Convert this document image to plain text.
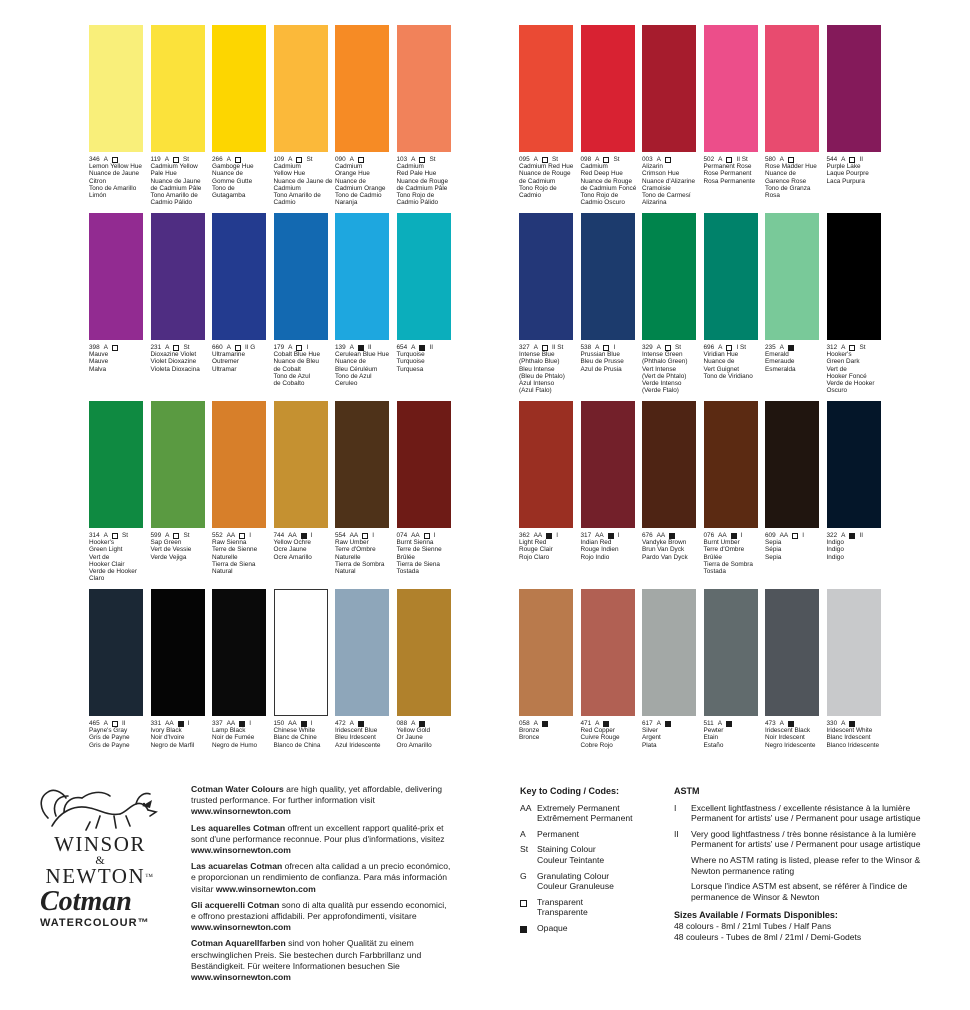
346 A
Lemon Yellow Hue
Nuance de Jaune
Citron
Tono de Amarillo
Limón
119 A St
Cadmium Yellow
Pale Hue
Nuance de Jaune
de Cadmium Pâle
Tono Amarillo de
Cadmio Pálido
266 A
Gamboge Hue
Nuance de
Gomme Gutte
Tono de
Gutagamba
109 A St
Cadmium
Yellow Hue
Nuance de Jaune de
Cadmium
Tono Amarillo de
Cadmio
090 A
Cadmium
Orange Hue
Nuance de
Cadmium Orange
Tono de Cadmio
Naranja
103 A St
Cadmium
Red Pale Hue
Nuance de Rouge
de Cadmium Pâle
Tono Rojo de
Cadmio Pálido
398 A
Mauve
Mauve
Malva
231 A St
Dioxazine Violet
Violet Dioxazine
Violeta Dioxacina
660 A II G
Ultramarine
Outremer
Ultramar
179 A I
Cobalt Blue Hue
Nuance de Bleu
de Cobalt
Tono de Azul
de Cobalto
139 A II
Cerulean Blue Hue
Nuance de
Bleu Céruléum
Tono de Azul
Ceruleo
654 A II
Turquoise
Turquoise
Turquesa
314 A St
Hooker's
Green Light
Vert de
Hooker Clair
Verde de Hooker
Claro
599 A St
Sap Green
Vert de Vessie
Verde Vejiga
552 AA I
Raw Sienna
Terre de Sienne
Naturelle
Tierra de Siena
Natural
744 AA I
Yellow Ochre
Ocre Jaune
Ocre Amarillo
554 AA I
Raw Umber
Terre d'Ombre
Naturelle
Tierra de Sombra
Natural
074 AA I
Burnt Sienna
Terre de Sienne
Brûlée
Tierra de Siena
Tostada
465 A II
Payne's Gray
Gris de Payne
Gris de Payne
331 AA I
Ivory Black
Noir d'Ivoire
Negro de Marfil
337 AA I
Lamp Black
Noir de Fumée
Negro de Humo
150 AA I
Chinese White
Blanc de Chine
Blanco de China
472 A
Iridescent Blue
Bleu Irdescent
Azul Iridescente
088 A
Yellow Gold
Or Jaune
Oro Amarillo
095 A St
Cadmium Red Hue
Nuance de Rouge
de Cadmium
Tono Rojo de
Cadmio
098 A St
Cadmium
Red Deep Hue
Nuance de Rouge
de Cadmium Foncé
Tono Rojo de
Cadmio Oscuro
003 A
Alizarin
Crimson Hue
Nuance d'Alizarine
Cramoisie
Tono de Carmesí
Alizarina
502 A II St
Permanent Rose
Rose Permanent
Rosa Permanente
580 A
Rose Madder Hue
Nuance de
Garence Rose
Tono de Granza
Rosa
544 A II
Purple Lake
Laque Pourpre
Laca Purpura
327 A II St
Intense Blue
(Phthalo Blue)
Bleu Intense
(Bleu de Phtalo)
Azul Intenso
(Azul Ftalo)
538 A I
Prussian Blue
Bleu de Prusse
Azul de Prusia
329 A St
Intense Green
(Phthalo Green)
Vert Intense
(Vert de Phtalo)
Verde Intenso
(Verde Ftalo)
696 A I St
Viridian Hue
Nuance de
Vert Guignet
Tono de Viridiano
235 A
Emerald
Emeraude
Esmeralda
312 A St
Hooker's
Green Dark
Vert de
Hooker Foncé
Verde de Hooker
Oscuro
362 AA I
Light Red
Rouge Clair
Rojo Claro
317 AA I
Indian Red
Rouge Indien
Rojo Indio
676 AA
Vandyke Brown
Brun Van Dyck
Pardo Van Dyck
076 AA I
Burnt Umber
Terre d'Ombre
Brûlée
Tierra de Sombra
Tostada
609 AA I
Sepia
Sépia
Sepia
322 A II
Indigo
Indigo
Indigo
058 A
Bronze
Bronce
471 A
Red Copper
Cuivre Rouge
Cobre Rojo
617 A
Silver
Argent
Plata
511 A
Pewter
Etain
Estaño
473 A
Iridescent Black
Noir Irdescent
Negro Iridescente
330 A
Iridescent White
Blanc Irdescent
Blanco Iridescente
WINSOR
&
NEWTON™
Cotman
WATERCOLOUR™

Cotman Water Colours are high quality, yet affordable, delivering trusted performance. For further information visit www.winsornewton.com

Les aquarelles Cotman offrent un excellent rapport qualité-prix et sont d'une performance reconnue. Pour plus d'informations, visitez www.winsornewton.com

Las acuarelas Cotman ofrecen alta calidad a un precio económico, e proporcionan un rendimiento de confianza. Para más información visitar www.winsornewton.com

Gli acquerelli Cotman sono di alta qualità pur essendo economici, e offrono prestazioni affidabili. Per approfondimenti, visitare www.winsornewton.com

Cotman Aquarellfarben sind von hoher Qualität zu einem erschwinglichen Preis. Sie bestechen durch Farbbrillanz und Beständigkeit. Für weitere Informationen besuchen Sie www.winsornewton.com

Key to Coding / Codes:
AA Extremely Permanent
Extrêmement Permanent
A	Permanent
St	Staining Colour
Couleur Teintante
G	Granulating Colour
Couleur Granuleuse
Transparent
Transparente
Opaque
ASTM
I	Excellent lightfastness / excellente résistance à la lumière
Permanent for artists' use / Permanent pour usage artistique
II	Very good lightfastness / très bonne résistance à la lumière
Permanent for artists' use / Permanent pour usage artistique
Where no ASTM rating is listed, please refer to the Winsor & Newton permanence rating
Lorsque l'indice ASTM est absent, se référer à l'indice de permanence de Winsor & Newton
Sizes Available / Formats Disponibles:
48 colours - 8ml / 21ml Tubes / Half Pans
48 couleurs - Tubes de 8ml / 21ml / Demi-Godets
